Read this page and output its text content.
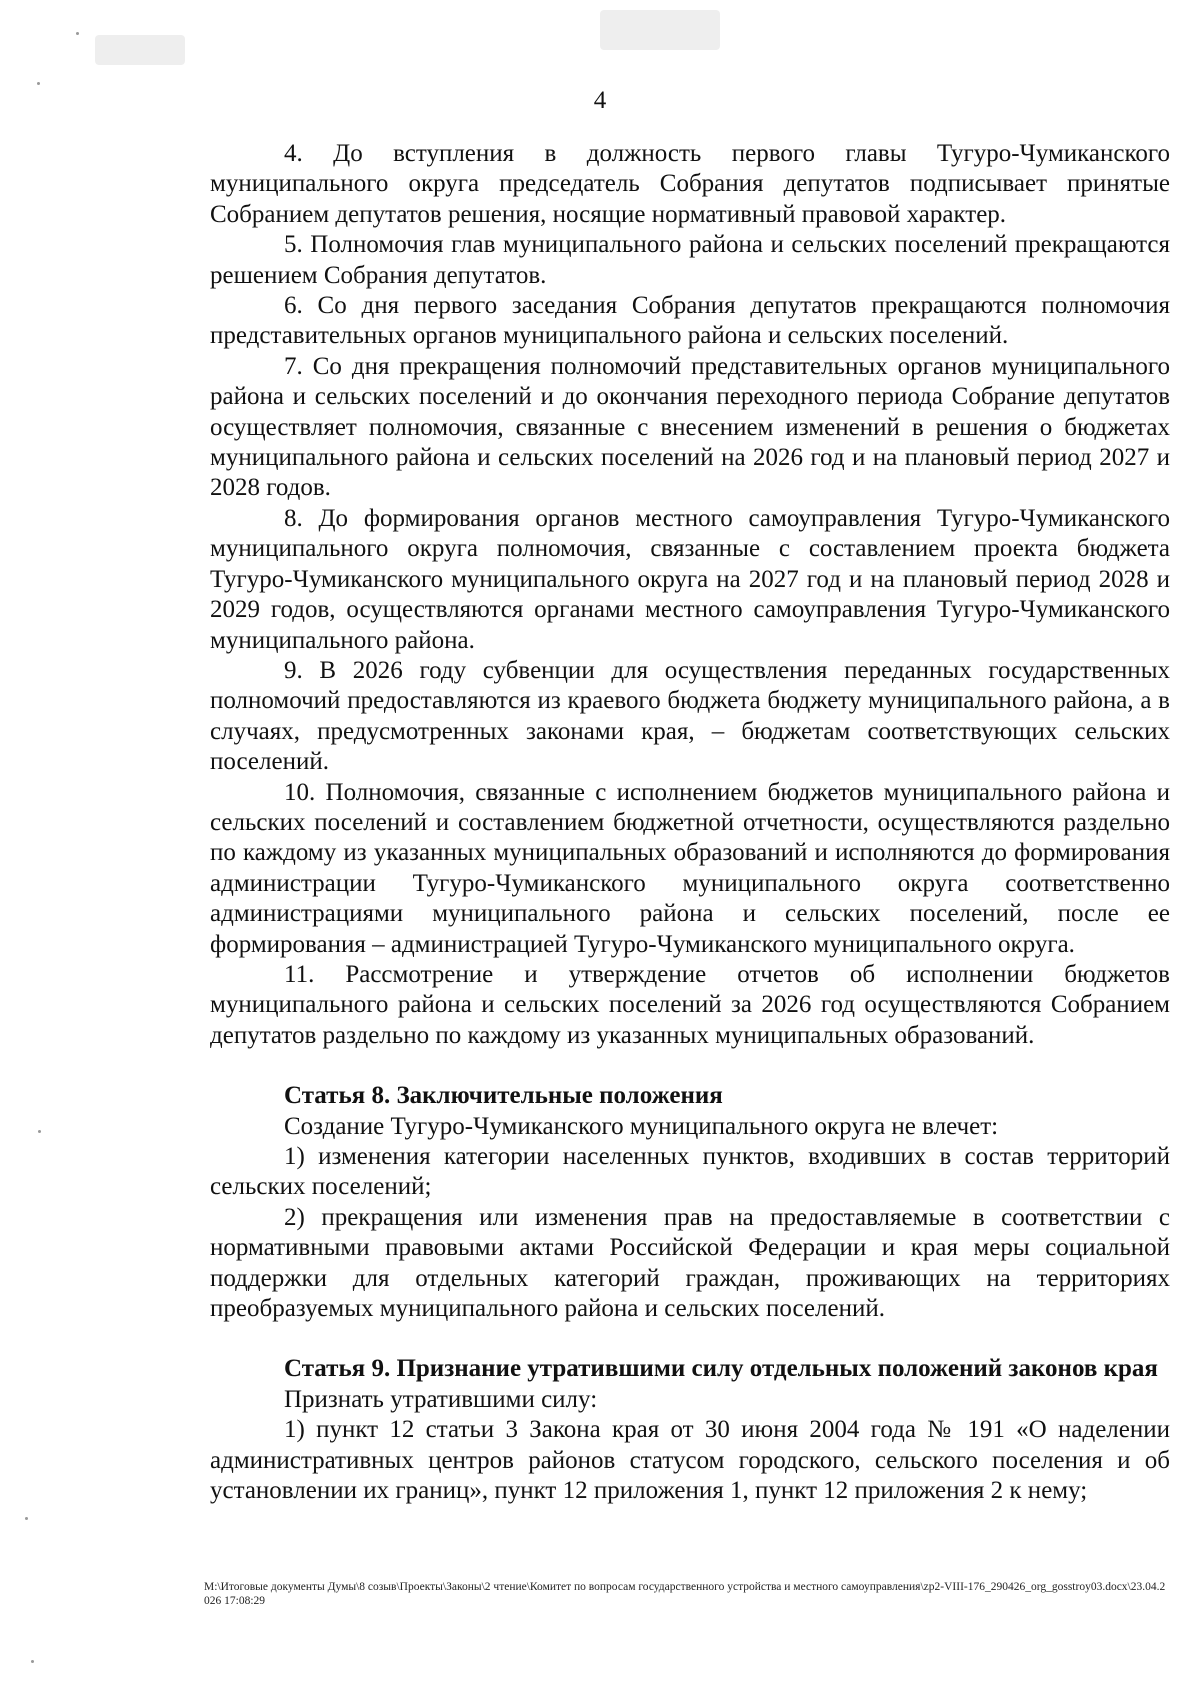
4

4. До вступления в должность первого главы Тугуро-Чумиканского муниципального округа председатель Собрания депутатов подписывает принятые Собранием депутатов решения, носящие нормативный правовой характер.

5. Полномочия глав муниципального района и сельских поселений прекращаются решением Собрания депутатов.

6. Со дня первого заседания Собрания депутатов прекращаются полномочия представительных органов муниципального района и сельских поселений.

7. Со дня прекращения полномочий представительных органов муниципального района и сельских поселений и до окончания переходного периода Собрание депутатов осуществляет полномочия, связанные с внесением изменений в решения о бюджетах муниципального района и сельских поселений на 2026 год и на плановый период 2027 и 2028 годов.

8. До формирования органов местного самоуправления Тугуро-Чумиканского муниципального округа полномочия, связанные с составлением проекта бюджета Тугуро-Чумиканского муниципального округа на 2027 год и на плановый период 2028 и 2029 годов, осуществляются органами местного самоуправления Тугуро-Чумиканского муниципального района.

9. В 2026 году субвенции для осуществления переданных государственных полномочий предоставляются из краевого бюджета бюджету муниципального района, а в случаях, предусмотренных законами края, – бюджетам соответствующих сельских поселений.

10. Полномочия, связанные с исполнением бюджетов муниципального района и сельских поселений и составлением бюджетной отчетности, осуществляются раздельно по каждому из указанных муниципальных образований и исполняются до формирования администрации Тугуро-Чумиканского муниципального округа соответственно администрациями муниципального района и сельских поселений, после ее формирования – администрацией Тугуро-Чумиканского муниципального округа.

11. Рассмотрение и утверждение отчетов об исполнении бюджетов муниципального района и сельских поселений за 2026 год осуществляются Собранием депутатов раздельно по каждому из указанных муниципальных образований.

Статья 8. Заключительные положения

Создание Тугуро-Чумиканского муниципального округа не влечет:

1) изменения категории населенных пунктов, входивших в состав территорий сельских поселений;

2) прекращения или изменения прав на предоставляемые в соответствии с нормативными правовыми актами Российской Федерации и края меры социальной поддержки для отдельных категорий граждан, проживающих на территориях преобразуемых муниципального района и сельских поселений.

Статья 9. Признание утратившими силу отдельных положений законов края

Признать утратившими силу:

1) пункт 12 статьи 3 Закона края от 30 июня 2004 года № 191 «О наделении административных центров районов статусом городского, сельского поселения и об установлении их границ», пункт 12 приложения 1, пункт 12 приложения 2 к нему;

M:\Итоговые документы Думы\8 созыв\Проекты\Законы\2 чтение\Комитет по вопросам государственного устройства и местного самоуправления\zp2-VIII-176_290426_org_gosstroy03.docx\23.04.2026 17:08:29
